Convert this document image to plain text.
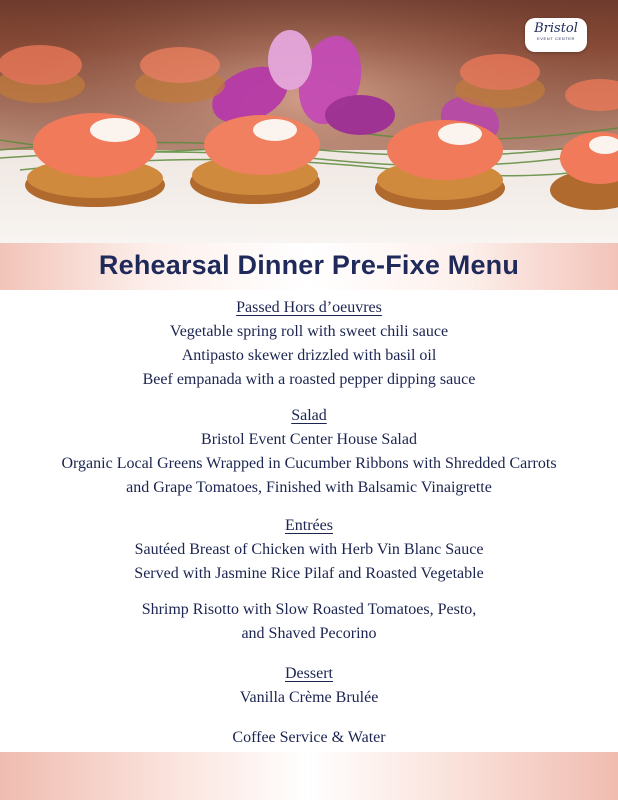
Bristol
EVENT CENTER
Rehearsal Dinner Pre-Fixe Menu
Passed Hors d’oeuvres
Vegetable spring roll with sweet chili sauce
Antipasto skewer drizzled with basil oil
Beef empanada with a roasted pepper dipping sauce
Salad
Bristol Event Center House Salad
Organic Local Greens Wrapped in Cucumber Ribbons with Shredded Carrots
and Grape Tomatoes, Finished with Balsamic Vinaigrette
Entrées
Sautéed Breast of Chicken with Herb Vin Blanc Sauce
Served with Jasmine Rice Pilaf and Roasted Vegetable
Shrimp Risotto with Slow Roasted Tomatoes, Pesto,
and Shaved Pecorino
Dessert
Vanilla Crème Brulée
Coffee Service & Water
